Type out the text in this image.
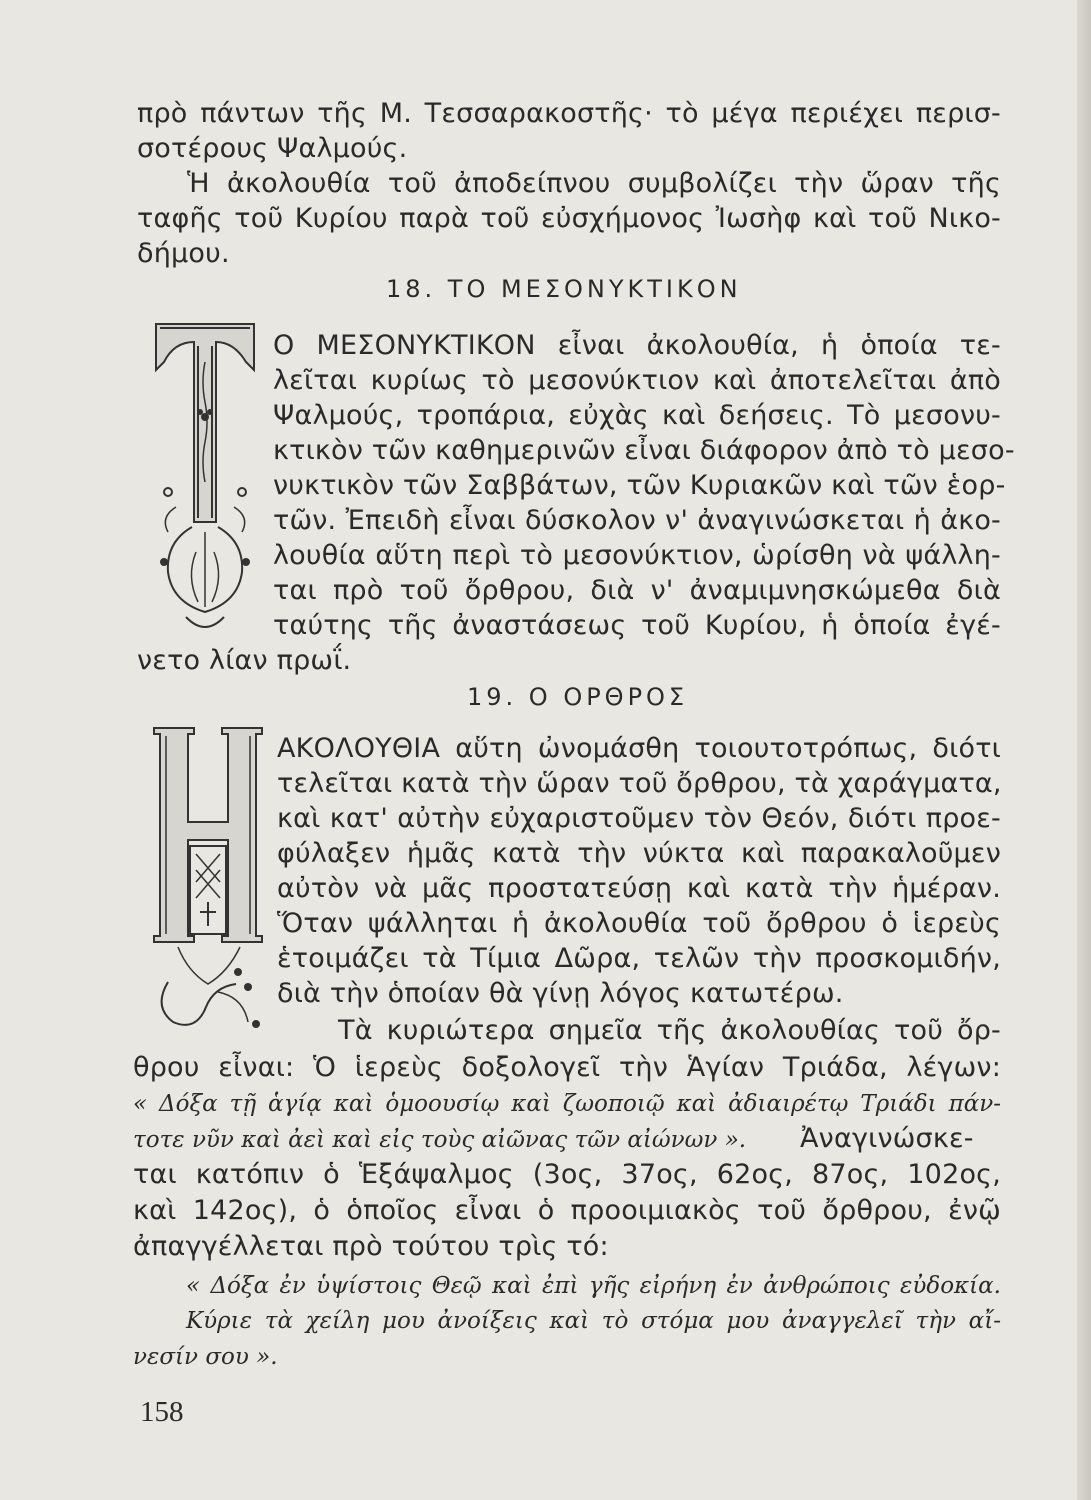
πρὸ πάντων τῆς Μ. Τεσσαρακοστῆς· τὸ μέγα περιέχει περισ-
σοτέρους Ψαλμούς.
Ἡ ἀκολουθία τοῦ ἀποδείπνου συμβολίζει τὴν ὥραν τῆς
ταφῆς τοῦ Κυρίου παρὰ τοῦ εὐσχήμονος Ἰωσὴφ καὶ τοῦ Νικο-
δήμου.
18. ΤΟ ΜΕΣΟΝΥΚΤΙΚΟΝ
Ο ΜΕΣΟΝΥΚΤΙΚΟΝ εἶναι ἀκολουθία, ἡ ὁποία τε-
λεῖται κυρίως τὸ μεσονύκτιον καὶ ἀποτελεῖται ἀπὸ
Ψαλμούς, τροπάρια, εὐχὰς καὶ δεήσεις. Τὸ μεσονυ-
κτικὸν τῶν καθημερινῶν εἶναι διάφορον ἀπὸ τὸ μεσο-
νυκτικὸν τῶν Σαββάτων, τῶν Κυριακῶν καὶ τῶν ἑορ-
τῶν. Ἐπειδὴ εἶναι δύσκολον ν' ἀναγινώσκεται ἡ ἀκο-
λουθία αὕτη περὶ τὸ μεσονύκτιον, ὡρίσθη νὰ ψάλλη-
ται πρὸ τοῦ ὄρθρου, διὰ ν' ἀναμιμνησκώμεθα διὰ
ταύτης τῆς ἀναστάσεως τοῦ Κυρίου, ἡ ὁποία ἐγέ-
νετο λίαν πρωΐ.
19. Ο ΟΡΘΡΟΣ
ΑΚΟΛΟΥΘΙΑ αὕτη ὠνομάσθη τοιουτοτρόπως, διότι
τελεῖται κατὰ τὴν ὥραν τοῦ ὄρθρου, τὰ χαράγματα,
καὶ κατ' αὐτὴν εὐχαριστοῦμεν τὸν Θεόν, διότι προε-
φύλαξεν ἡμᾶς κατὰ τὴν νύκτα καὶ παρακαλοῦμεν
αὐτὸν νὰ μᾶς προστατεύσῃ καὶ κατὰ τὴν ἡμέραν.
Ὅταν ψάλληται ἡ ἀκολουθία τοῦ ὄρθρου ὁ ἱερεὺς
ἑτοιμάζει τὰ Τίμια Δῶρα, τελῶν τὴν προσκομιδήν,
διὰ τὴν ὁποίαν θὰ γίνῃ λόγος κατωτέρω.
Τὰ κυριώτερα σημεῖα τῆς ἀκολουθίας τοῦ ὄρ-
θρου εἶναι: Ὁ ἱερεὺς δοξολογεῖ τὴν Ἁγίαν Τριάδα, λέγων:
« Δόξα τῇ ἁγίᾳ καὶ ὁμοουσίῳ καὶ ζωοποιῷ καὶ ἀδιαιρέτῳ Τριάδι πάν-
τοτε νῦν καὶ ἀεὶ καὶ εἰς τοὺς αἰῶνας τῶν αἰώνων ». Ἀναγινώσκε-
ται κατόπιν ὁ Ἑξάψαλμος (3ος, 37ος, 62ος, 87ος, 102ος,
καὶ 142ος), ὁ ὁποῖος εἶναι ὁ προοιμιακὸς τοῦ ὄρθρου, ἐνῷ
ἀπαγγέλλεται πρὸ τούτου τρὶς τό:
« Δόξα ἐν ὑψίστοις Θεῷ καὶ ἐπὶ γῆς εἰρήνη ἐν ἀνθρώποις εὐδοκία.
Κύριε τὰ χείλη μου ἀνοίξεις καὶ τὸ στόμα μου ἀναγγελεῖ τὴν αἴ-
νεσίν σου ».
158
